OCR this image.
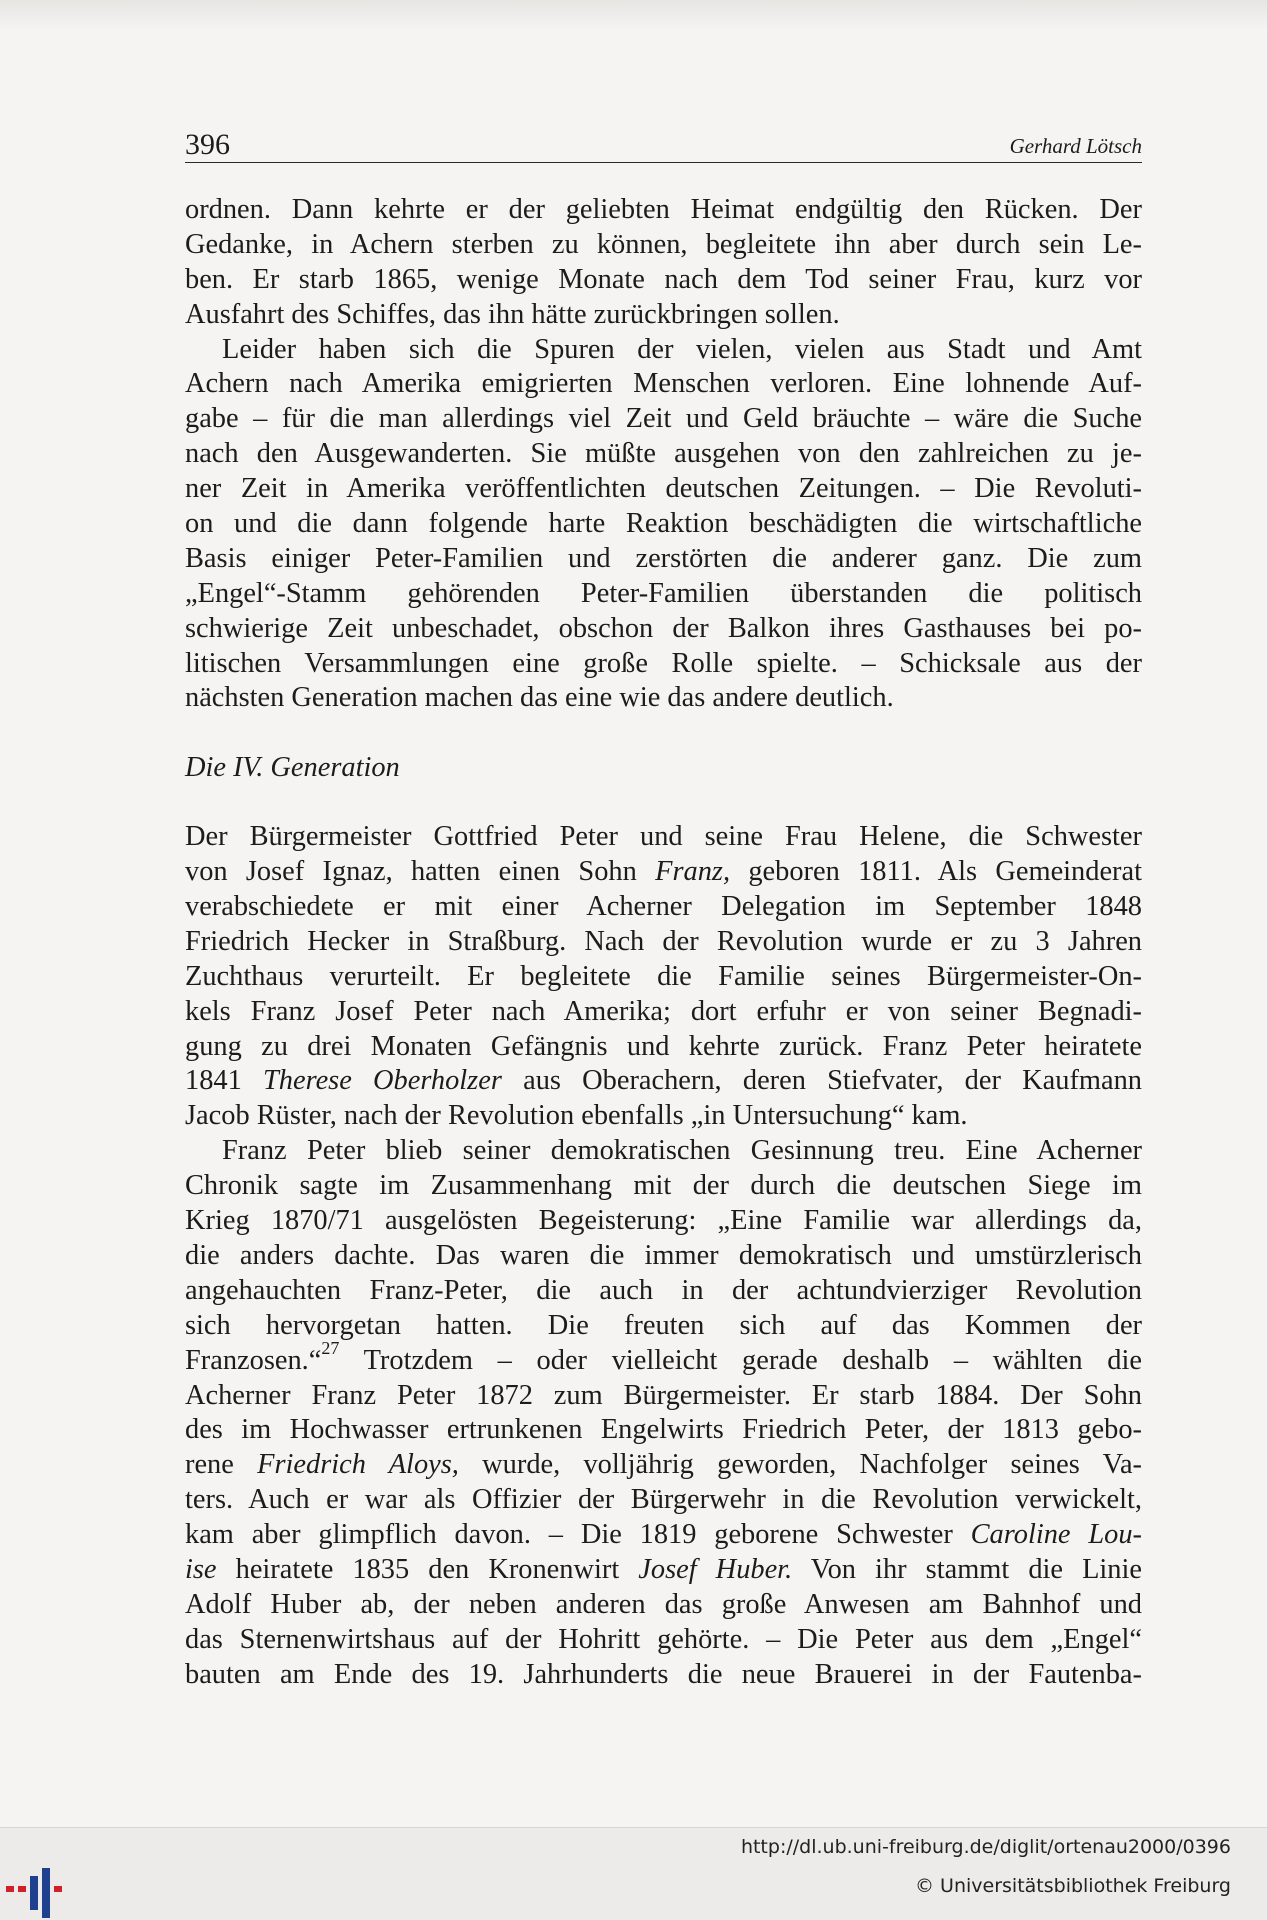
396	Gerhard Lötsch
ordnen. Dann kehrte er der geliebten Heimat endgültig den Rücken. Der
Gedanke, in Achern sterben zu können, begleitete ihn aber durch sein Le-
ben. Er starb 1865, wenige Monate nach dem Tod seiner Frau, kurz vor
Ausfahrt des Schiffes, das ihn hätte zurückbringen sollen.
Leider haben sich die Spuren der vielen, vielen aus Stadt und Amt
Achern nach Amerika emigrierten Menschen verloren. Eine lohnende Auf-
gabe – für die man allerdings viel Zeit und Geld bräuchte – wäre die Suche
nach den Ausgewanderten. Sie müßte ausgehen von den zahlreichen zu je-
ner Zeit in Amerika veröffentlichten deutschen Zeitungen. – Die Revoluti-
on und die dann folgende harte Reaktion beschädigten die wirtschaftliche
Basis einiger Peter-Familien und zerstörten die anderer ganz. Die zum
„Engel“-Stamm gehörenden Peter-Familien überstanden die politisch
schwierige Zeit unbeschadet, obschon der Balkon ihres Gasthauses bei po-
litischen Versammlungen eine große Rolle spielte. – Schicksale aus der
nächsten Generation machen das eine wie das andere deutlich.
Die IV. Generation
Der Bürgermeister Gottfried Peter und seine Frau Helene, die Schwester
von Josef Ignaz, hatten einen Sohn Franz, geboren 1811. Als Gemeinderat
verabschiedete er mit einer Acherner Delegation im September 1848
Friedrich Hecker in Straßburg. Nach der Revolution wurde er zu 3 Jahren
Zuchthaus verurteilt. Er begleitete die Familie seines Bürgermeister-On-
kels Franz Josef Peter nach Amerika; dort erfuhr er von seiner Begnadi-
gung zu drei Monaten Gefängnis und kehrte zurück. Franz Peter heiratete
1841 Therese Oberholzer aus Oberachern, deren Stiefvater, der Kaufmann
Jacob Rüster, nach der Revolution ebenfalls „in Untersuchung“ kam.
Franz Peter blieb seiner demokratischen Gesinnung treu. Eine Acherner
Chronik sagte im Zusammenhang mit der durch die deutschen Siege im
Krieg 1870/71 ausgelösten Begeisterung: „Eine Familie war allerdings da,
die anders dachte. Das waren die immer demokratisch und umstürzlerisch
angehauchten Franz-Peter, die auch in der achtundvierziger Revolution
sich hervorgetan hatten. Die freuten sich auf das Kommen der
Franzosen.“$^{27}$ Trotzdem – oder vielleicht gerade deshalb – wählten die
Acherner Franz Peter 1872 zum Bürgermeister. Er starb 1884. Der Sohn
des im Hochwasser ertrunkenen Engelwirts Friedrich Peter, der 1813 gebo-
rene Friedrich Aloys, wurde, volljährig geworden, Nachfolger seines Va-
ters. Auch er war als Offizier der Bürgerwehr in die Revolution verwickelt,
kam aber glimpflich davon. – Die 1819 geborene Schwester Caroline Lou-
ise heiratete 1835 den Kronenwirt Josef Huber. Von ihr stammt die Linie
Adolf Huber ab, der neben anderen das große Anwesen am Bahnhof und
das Sternenwirtshaus auf der Hohritt gehörte. – Die Peter aus dem „Engel“
bauten am Ende des 19. Jahrhunderts die neue Brauerei in der Fautenba-
http://dl.ub.uni-freiburg.de/diglit/ortenau2000/0396
© Universitätsbibliothek Freiburg
